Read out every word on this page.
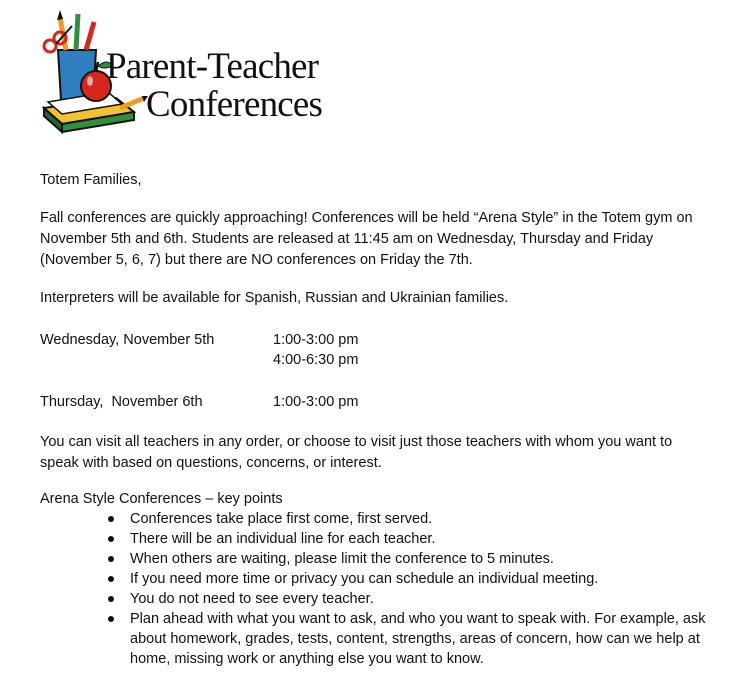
Parent-Teacher
Conferences
Totem Families,
Fall conferences are quickly approaching! Conferences will be held “Arena Style” in the Totem gym on November 5th and 6th. Students are released at 11:45 am on Wednesday, Thursday and Friday (November 5, 6, 7) but there are NO conferences on Friday the 7th.
Interpreters will be available for Spanish, Russian and Ukrainian families.
Wednesday, November 5th	1:00-3:00 pm
4:00-6:30 pm
Thursday,  November 6th	1:00-3:00 pm
You can visit all teachers in any order, or choose to visit just those teachers with whom you want to speak with based on questions, concerns, or interest.
Arena Style Conferences – key points
Conferences take place first come, first served.
There will be an individual line for each teacher.
When others are waiting, please limit the conference to 5 minutes.
If you need more time or privacy you can schedule an individual meeting.
You do not need to see every teacher.
Plan ahead with what you want to ask, and who you want to speak with. For example, ask about homework, grades, tests, content, strengths, areas of concern, how can we help at home, missing work or anything else you want to know.
